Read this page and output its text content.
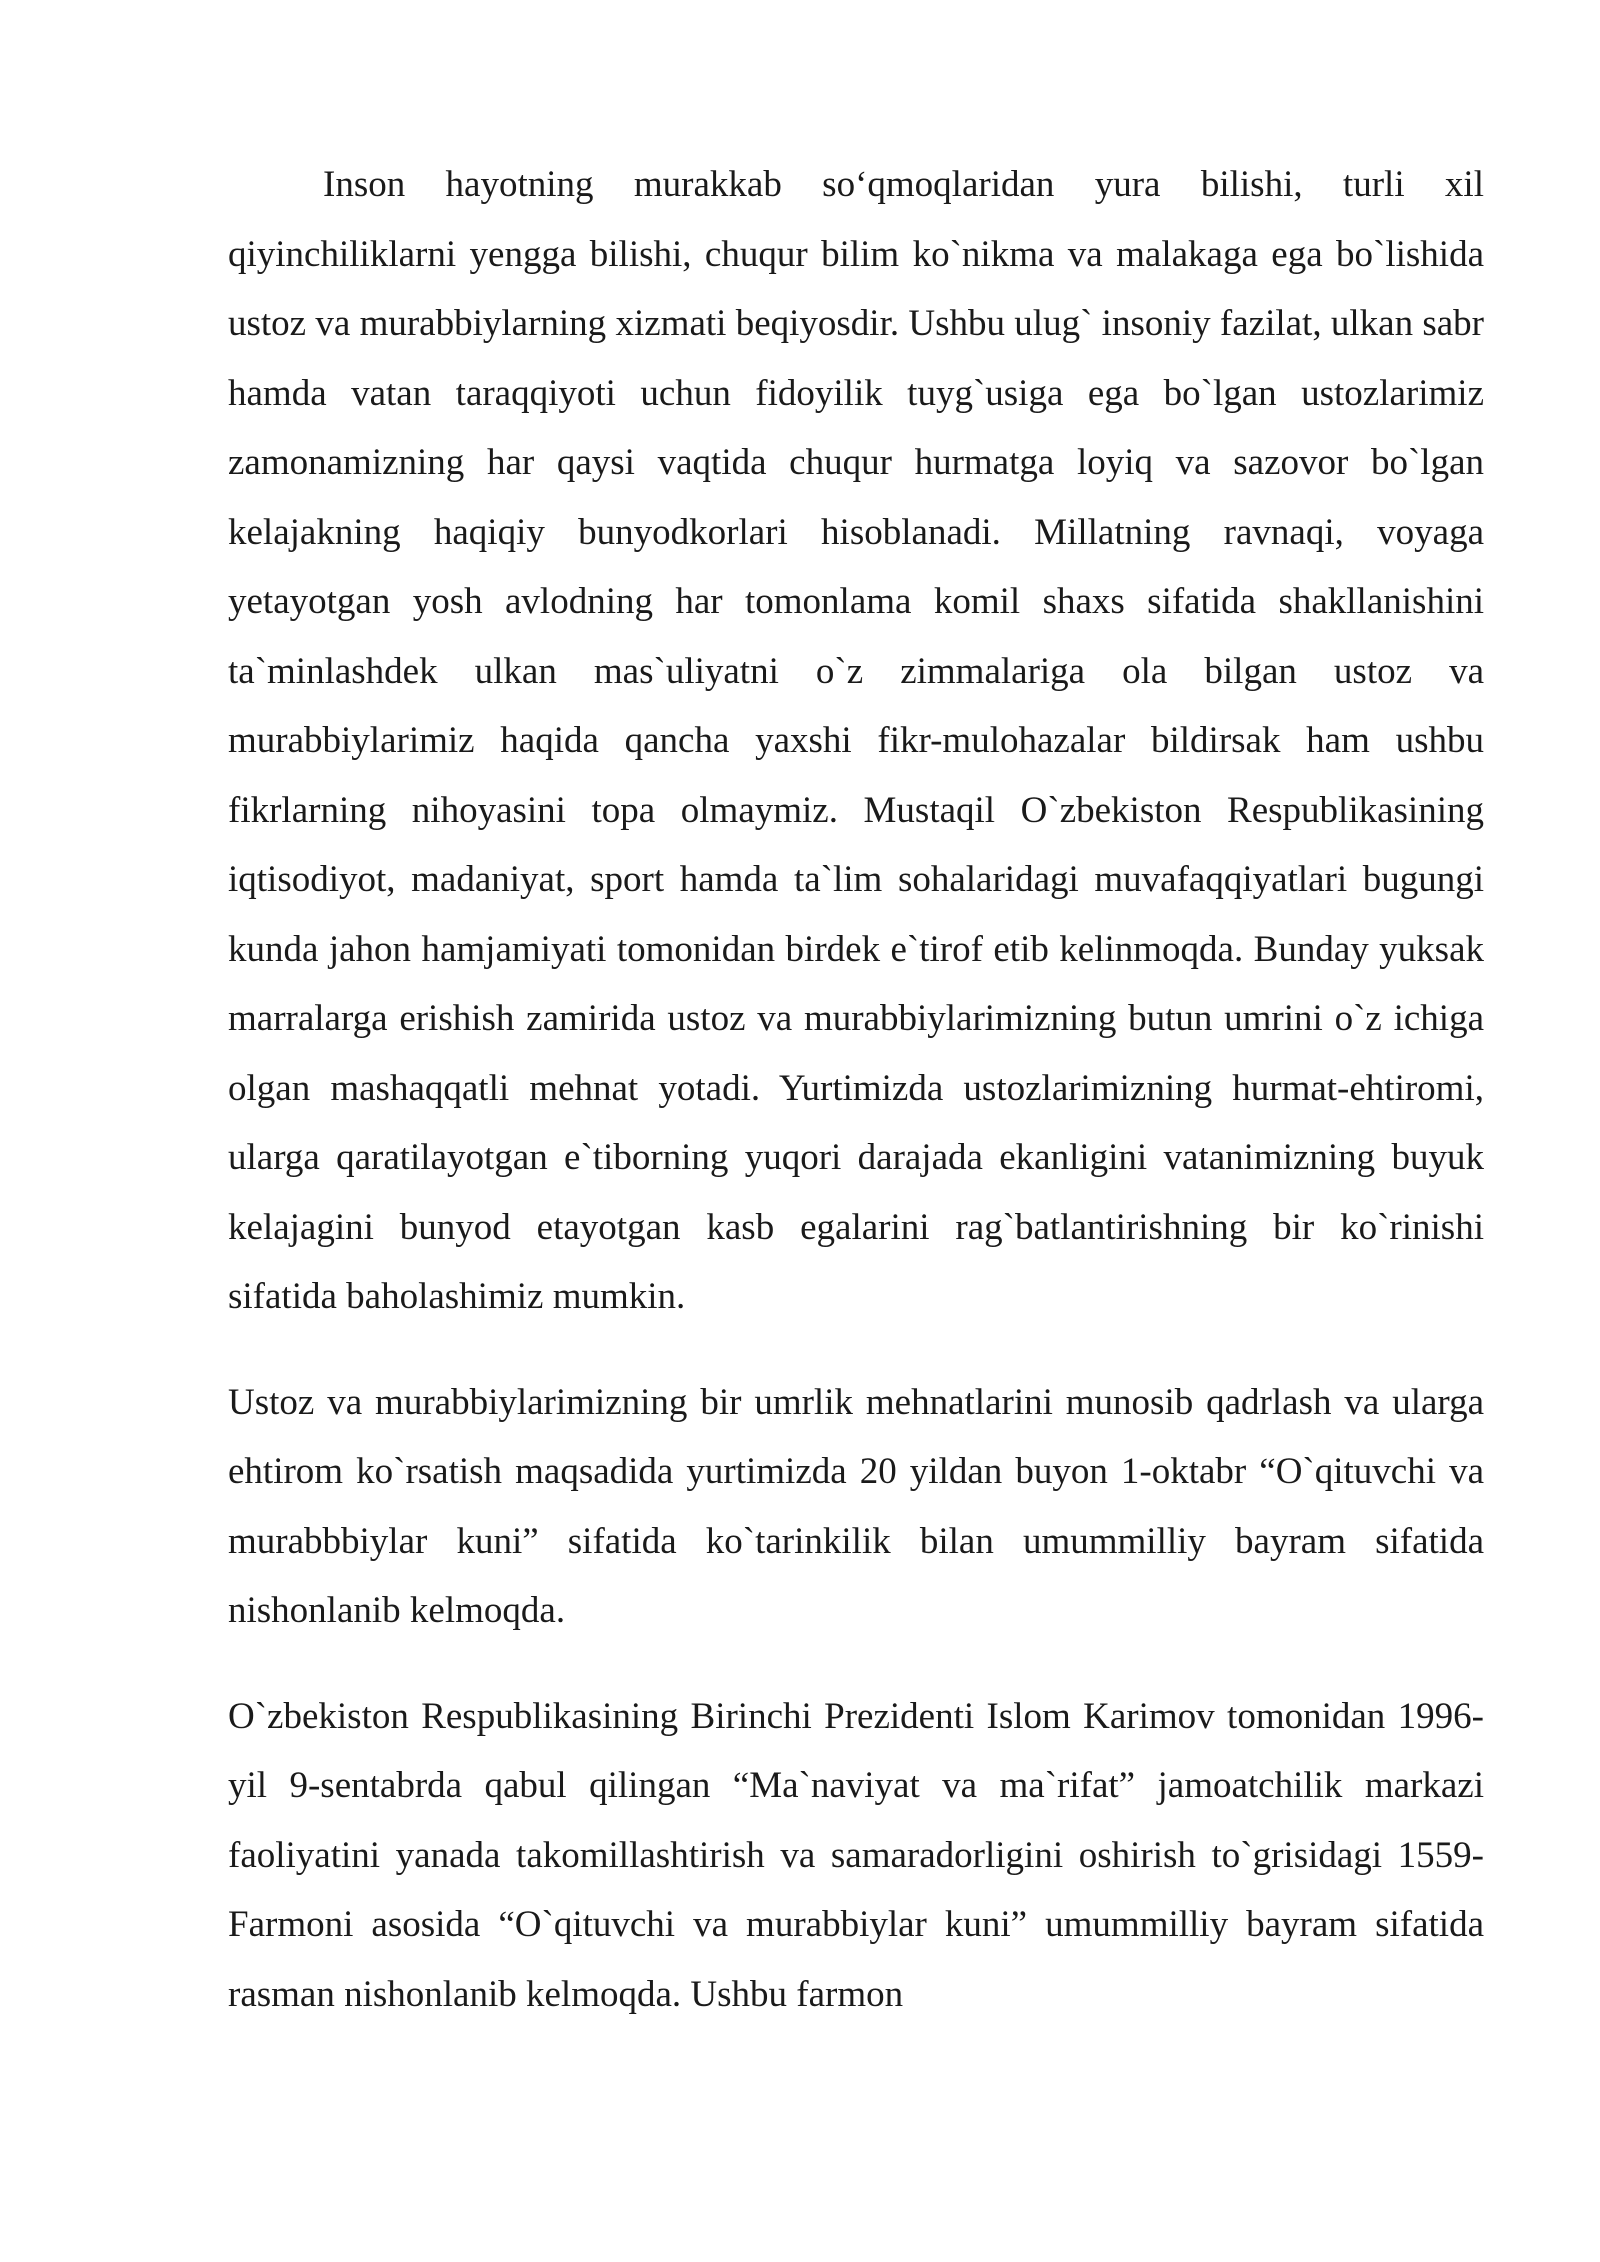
Inson hayotning murakkab so‘qmoqlaridan yura bilishi, turli xil qiyinchiliklarni yengga bilishi, chuqur bilim ko`nikma va malakaga ega bo`lishida ustoz va murabbiylarning xizmati beqiyosdir. Ushbu ulug` insoniy fazilat, ulkan sabr hamda vatan taraqqiyoti uchun fidoyilik tuyg`usiga ega bo`lgan ustozlarimiz zamonamizning har qaysi vaqtida chuqur hurmatga loyiq va sazovor bo`lgan kelajakning haqiqiy bunyodkorlari hisoblanadi. Millatning ravnaqi, voyaga yetayotgan yosh avlodning har tomonlama komil shaxs sifatida shakllanishini ta`minlashdek ulkan mas`uliyatni o`z zimmalariga ola bilgan ustoz va murabbiylarimiz haqida qancha yaxshi fikr-mulohazalar bildirsak ham ushbu fikrlarning nihoyasini topa olmaymiz. Mustaqil O`zbekiston Respublikasining iqtisodiyot, madaniyat, sport hamda ta`lim sohalaridagi muvafaqqiyatlari bugungi kunda jahon hamjamiyati tomonidan birdek e`tirof etib kelinmoqda. Bunday yuksak marralarga erishish zamirida ustoz va murabbiylarimizning butun umrini o`z ichiga olgan mashaqqatli mehnat yotadi. Yurtimizda ustozlarimizning hurmat-ehtiromi, ularga qaratilayotgan e`tiborning yuqori darajada ekanligini vatanimizning buyuk kelajagini bunyod etayotgan kasb egalarini rag`batlantirishning bir ko`rinishi sifatida baholashimiz mumkin.

Ustoz va murabbiylarimizning bir umrlik mehnatlarini munosib qadrlash va ularga ehtirom ko`rsatish maqsadida yurtimizda 20 yildan buyon 1-oktabr “O`qituvchi va murabbbiylar kuni” sifatida ko`tarinkilik bilan umummilliy bayram sifatida nishonlanib kelmoqda.

O`zbekiston Respublikasining Birinchi Prezidenti Islom Karimov tomonidan 1996-yil 9-sentabrda qabul qilingan “Ma`naviyat va ma`rifat” jamoatchilik markazi faoliyatini yanada takomillashtirish va samaradorligini oshirish to`grisidagi 1559-Farmoni asosida “O`qituvchi va murabbiylar kuni” umummilliy bayram sifatida rasman nishonlanib kelmoqda. Ushbu farmon
